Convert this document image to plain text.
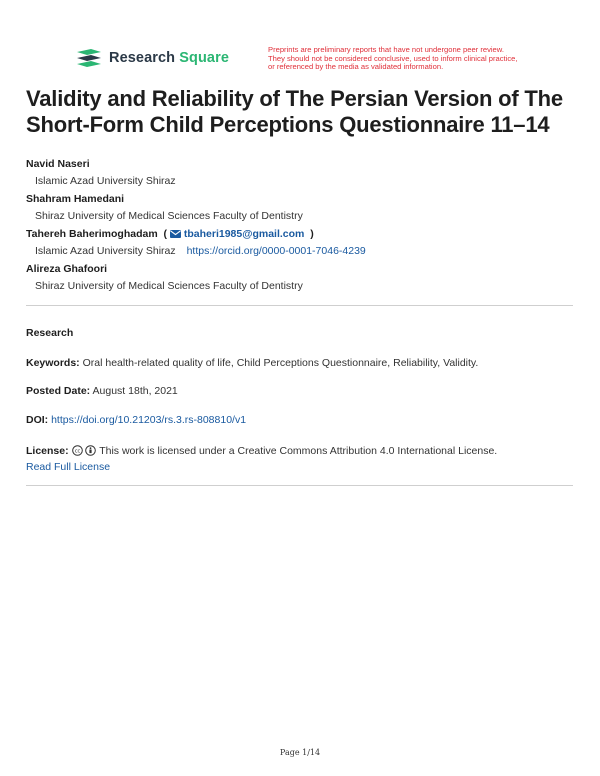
Research Square
Preprints are preliminary reports that have not undergone peer review.
They should not be considered conclusive, used to inform clinical practice,
or referenced by the media as validated information.
Validity and Reliability of The Persian Version of The Short-Form Child Perceptions Questionnaire 11–14
Navid Naseri
Islamic Azad University Shiraz
Shahram Hamedani
Shiraz University of Medical Sciences Faculty of Dentistry
Tahereh Baherimoghadam  (  tbaheri1985@gmail.com  )
Islamic Azad University Shiraz https://orcid.org/0000-0001-7046-4239
Alireza Ghafoori
Shiraz University of Medical Sciences Faculty of Dentistry
Research
Keywords: Oral health-related quality of life, Child Perceptions Questionnaire, Reliability, Validity.
Posted Date: August 18th, 2021
DOI: https://doi.org/10.21203/rs.3.rs-808810/v1
License: cc This work is licensed under a Creative Commons Attribution 4.0 International License.
Read Full License
Page 1/14
